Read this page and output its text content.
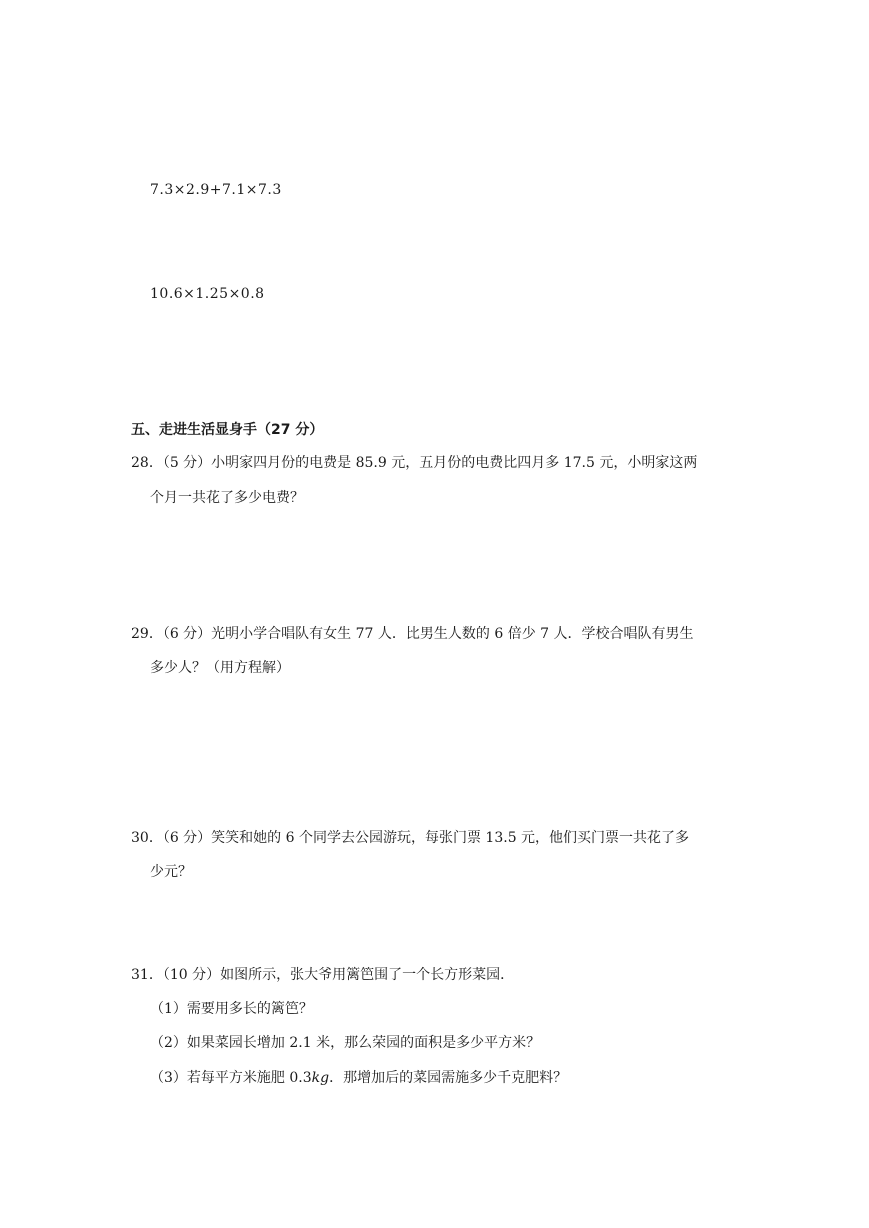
7.3×2.9+7.1×7.3
10.6×1.25×0.8
五、走进生活显身手（27 分）
28．（5 分）小明家四月份的电费是 85.9 元，五月份的电费比四月多 17.5 元，小明家这两
个月一共花了多少电费？
29．（6 分）光明小学合唱队有女生 77 人．比男生人数的 6 倍少 7 人．学校合唱队有男生
多少人？（用方程解）
30．（6 分）笑笑和她的 6 个同学去公园游玩，每张门票 13.5 元，他们买门票一共花了多
少元？
31．（10 分）如图所示，张大爷用篱笆围了一个长方形菜园．
（1）需要用多长的篱笆？
（2）如果菜园长增加 2.1 米，那么荣园的面积是多少平方米？
（3）若每平方米施肥 0.3kg．那增加后的菜园需施多少千克肥料？
